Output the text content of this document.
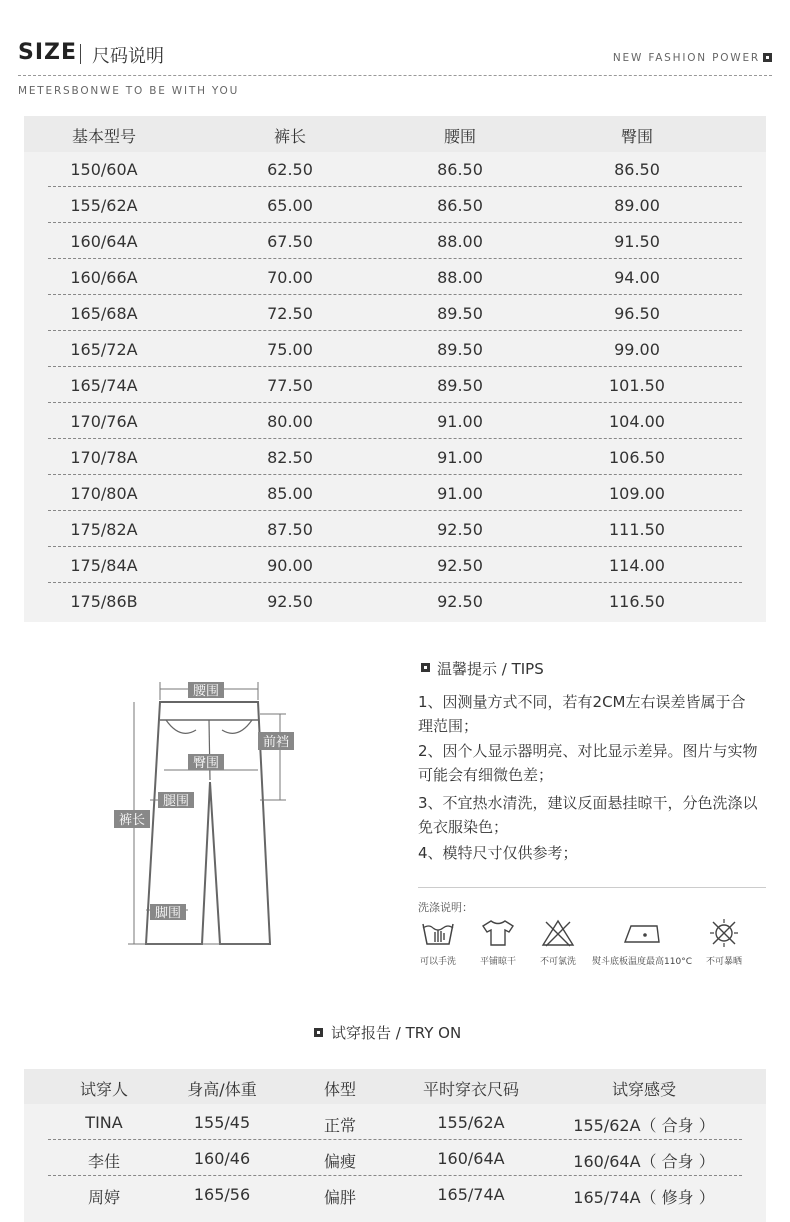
SIZE 尺码说明	NEW FASHION POWER
METERSBONWE TO BE WITH YOU
基本型号	裤长	腰围	臀围
150/60A	62.50	86.50	86.50
155/62A	65.00	86.50	89.00
160/64A	67.50	88.00	91.50
160/66A	70.00	88.00	94.00
165/68A	72.50	89.50	96.50
165/72A	75.00	89.50	99.00
165/74A	77.50	89.50	101.50
170/76A	80.00	91.00	104.00
170/78A	82.50	91.00	106.50
170/80A	85.00	91.00	109.00
175/82A	87.50	92.50	111.50
175/84A	90.00	92.50	114.00
175/86B	92.50	92.50	116.50
腰围
前裆
臀围
腿围
裤长
脚围
温馨提示 / TIPS
1、因测量方式不同，若有2CM左右误差皆属于合理范围；
2、因个人显示器明亮、对比显示差异。图片与实物可能会有细微色差；
3、不宜热水清洗，建议反面悬挂晾干，分色洗涤以免衣服染色；
4、模特尺寸仅供参考；
洗涤说明：
可以手洗	平铺晾干	不可氯洗	熨斗底板温度最高110°C	不可暴晒
试穿报告 / TRY ON
试穿人	身高/体重	体型	平时穿衣尺码	试穿感受
TINA	155/45	正常	155/62A	155/62A（ 合身 ）
李佳	160/46	偏瘦	160/64A	160/64A（ 合身 ）
周婷	165/56	偏胖	165/74A	165/74A（ 修身 ）
